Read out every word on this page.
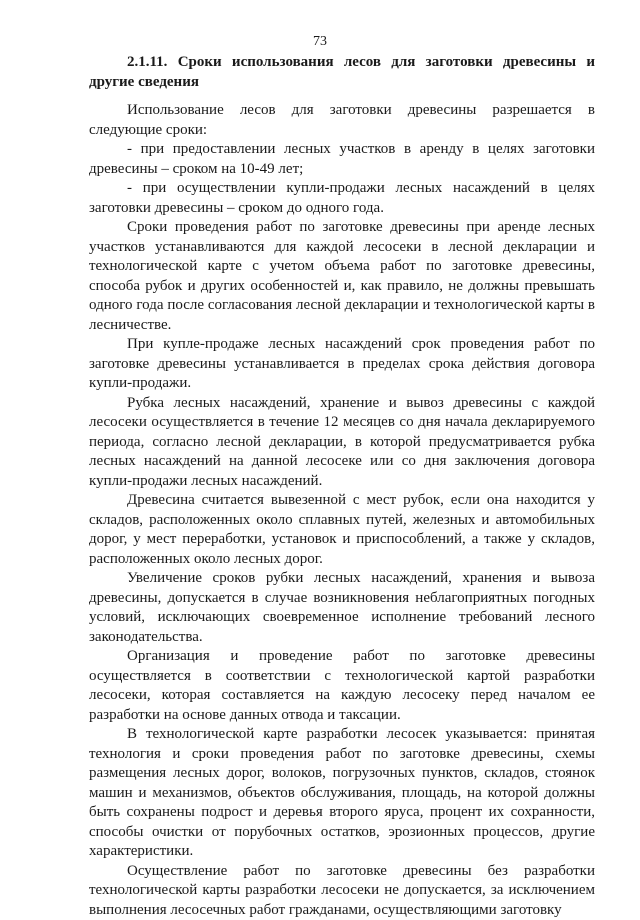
73
2.1.11. Сроки использования лесов для заготовки древесины и другие сведения

Использование лесов для заготовки древесины разрешается в следующие сроки:

- при предоставлении лесных участков в аренду в целях заготовки древесины – сроком на 10-49 лет;

- при осуществлении купли-продажи лесных насаждений в целях заготовки древесины – сроком до одного года.

Сроки проведения работ по заготовке древесины при аренде лесных участков устанавливаются для каждой лесосеки в лесной декларации и технологической карте с учетом объема работ по заготовке древесины, способа рубок и других особенностей и, как правило, не должны превышать одного года после согласования лесной декларации и технологической карты в лесничестве.

При купле-продаже лесных насаждений срок проведения работ по заготовке древесины устанавливается в пределах срока действия договора купли-продажи.

Рубка лесных насаждений, хранение и вывоз древесины с каждой лесосеки осуществляется в течение 12 месяцев со дня начала декларируемого периода, согласно лесной декларации, в которой предусматривается рубка лесных насаждений на данной лесосеке или со дня заключения договора купли-продажи лесных насаждений.

Древесина считается вывезенной с мест рубок, если она находится у складов, расположенных около сплавных путей, железных и автомобильных дорог, у мест переработки, установок и приспособлений, а также у складов, расположенных около лесных дорог.

Увеличение сроков рубки лесных насаждений, хранения и вывоза древесины, допускается в случае возникновения неблагоприятных погодных условий, исключающих своевременное исполнение требований лесного законодательства.

Организация и проведение работ по заготовке древесины осуществляется в соответствии с технологической картой разработки лесосеки, которая составляется на каждую лесосеку перед началом ее разработки на основе данных отвода и таксации.

В технологической карте разработки лесосек указывается: принятая технология и сроки проведения работ по заготовке древесины, схемы размещения лесных дорог, волоков, погрузочных пунктов, складов, стоянок машин и механизмов, объектов обслуживания, площадь, на которой должны быть сохранены подрост и деревья второго яруса, процент их сохранности, способы очистки от порубочных остатков, эрозионных процессов, другие характеристики.

Осуществление работ по заготовке древесины без разработки технологической карты разработки лесосеки не допускается, за исключением выполнения лесосечных работ гражданами, осуществляющими заготовку
